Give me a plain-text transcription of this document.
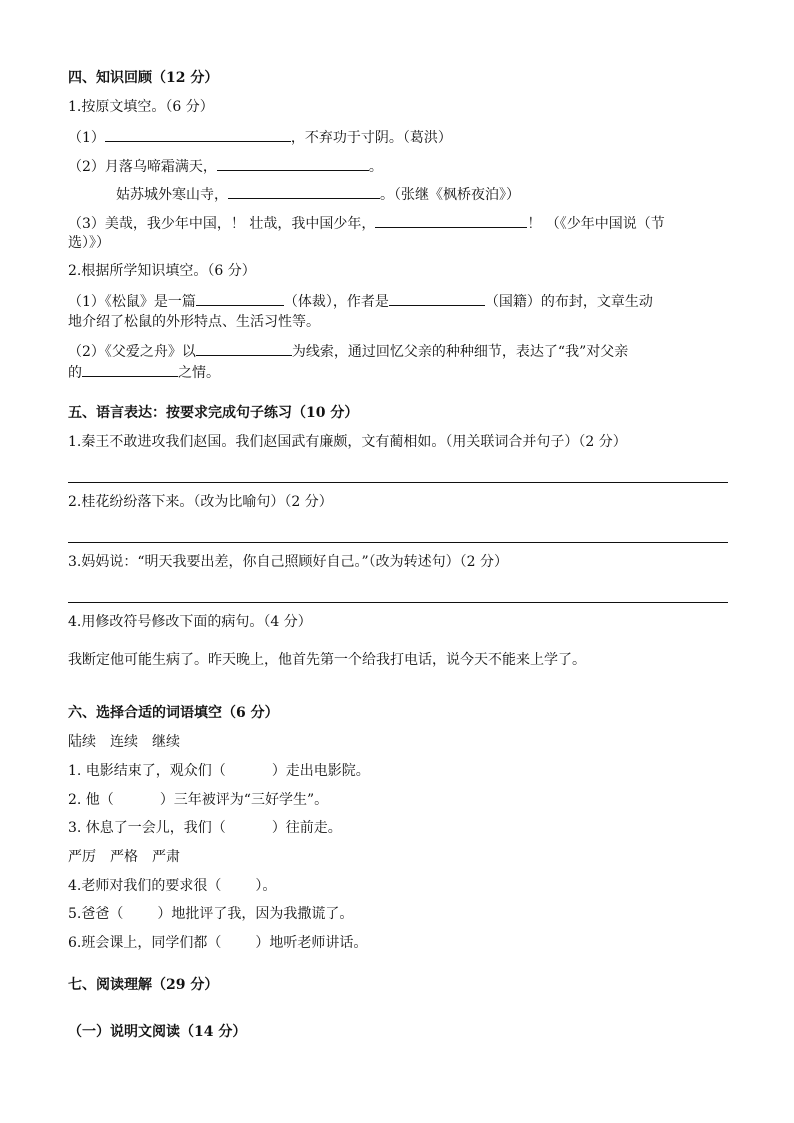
四、知识回顾（12 分）
1.按原文填空。（6 分）
（1）	，不弃功于寸阴。（葛洪）
（2）月落乌啼霜满天，	。
姑苏城外寒山寺，	。（张继《枫桥夜泊》）
（3）美哉，我少年中国，！ 壮哉，我中国少年，	！ （《少年中国说（节
选）》）
2.根据所学知识填空。（6 分）
（1）《松鼠》是一篇	（体裁），作者是	（国籍）的布封，文章生动
地介绍了松鼠的外形特点、生活习性等。
（2）《父爱之舟》以	为线索，通过回忆父亲的种种细节，表达了“我”对父亲
的	之情。
五、语言表达：按要求完成句子练习（10 分）
1.秦王不敢进攻我们赵国。我们赵国武有廉颇，文有蔺相如。（用关联词合并句子）（2 分）
2.桂花纷纷落下来。（改为比喻句）（2 分）
3.妈妈说：“明天我要出差，你自己照顾好自己。”（改为转述句）（2 分）
4.用修改符号修改下面的病句。（4 分）
我断定他可能生病了。昨天晚上，他首先第一个给我打电话，说今天不能来上学了。
六、选择合适的词语填空（6 分）
陆续　连续　继续
1. 电影结束了，观众们（	）走出电影院。
2. 他（	）三年被评为“三好学生”。
3. 休息了一会儿，我们（	）往前走。
严厉　严格　严肃
4.老师对我们的要求很（ ）。
5.爸爸（ ）地批评了我，因为我撒谎了。
6.班会课上，同学们都（ ）地听老师讲话。
七、阅读理解（29 分）
（一）说明文阅读（14 分）
